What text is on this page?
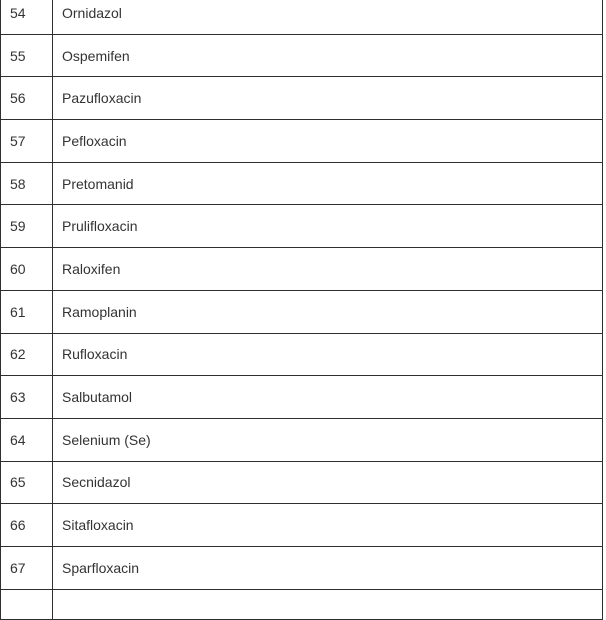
54	Ornidazol
55	Ospemifen
56	Pazufloxacin
57	Pefloxacin
58	Pretomanid
59	Prulifloxacin
60	Raloxifen
61	Ramoplanin
62	Rufloxacin
63	Salbutamol
64	Selenium (Se)
65	Secnidazol
66	Sitafloxacin
67	Sparfloxacin
